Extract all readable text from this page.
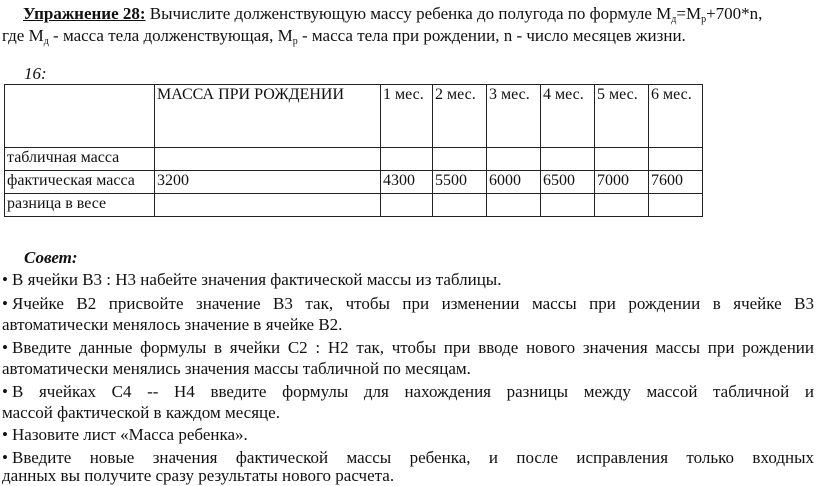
Упражнение 28: Вычислите долженствующую массу ребенка до полугода по формуле $М_д=М_р+700*n$,
где $М_д$ - масса тела долженствующая, $М_р$ - масса тела при рождении, n - число месяцев жизни.
16:
	МАССА ПРИ РОЖДЕНИИ	1 мес.	2 мес.	3 мес.	4 мес.	5 мес.	6 мес.
табличная масса							
фактическая масса	3200	4300	5500	6000	6500	7000	7600
разница в весе							
Совет:
• В ячейки В3 : Н3 набейте значения фактической массы из таблицы.
• Ячейке В2 присвойте значение В3 так, чтобы при изменении массы при рождении в ячейке В3
автоматически менялось значение в ячейке В2.
• Введите данные формулы в ячейки С2 : Н2 так, чтобы при вводе нового значения массы при рождении
автоматически менялись значения массы табличной по месяцам.
• В ячейках С4 -- Н4 введите формулы для нахождения разницы между массой табличной и
массой фактической в каждом месяце.
• Назовите лист «Масса ребенка».
• Введите новые значения фактической массы ребенка, и после исправления только входных
данных вы получите сразу результаты нового расчета.
